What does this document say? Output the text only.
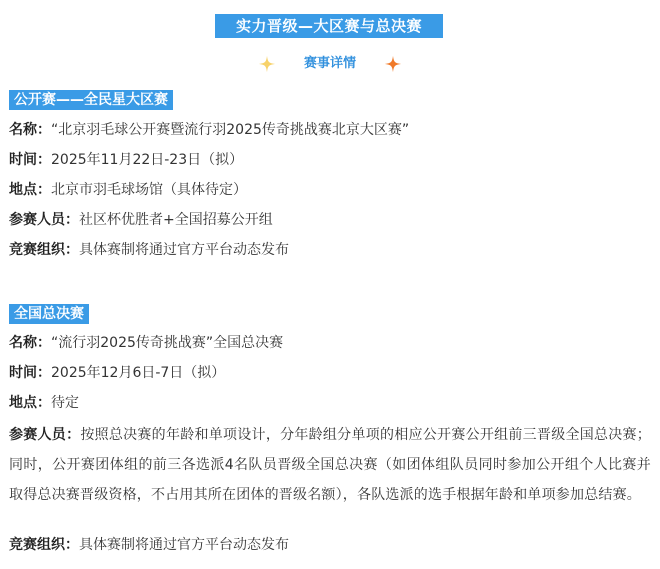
实力晋级—大区赛与总决赛
赛事详情
公开赛——全民星大区赛
名称：“北京羽毛球公开赛暨流行羽2025传奇挑战赛北京大区赛”
时间：2025年11月22日-23日（拟）
地点：北京市羽毛球场馆（具体待定）
参赛人员：社区杯优胜者+全国招募公开组
竞赛组织：具体赛制将通过官方平台动态发布
全国总决赛
名称：“流行羽2025传奇挑战赛”全国总决赛
时间：2025年12月6日-7日（拟）
地点：待定
参赛人员：按照总决赛的年龄和单项设计，分年龄组分单项的相应公开赛公开组前三晋级全国总决赛；同时，公开赛团体组的前三各选派4名队员晋级全国总决赛（如团体组队员同时参加公开组个人比赛并取得总决赛晋级资格，不占用其所在团体的晋级名额），各队选派的选手根据年龄和单项参加总结赛。
竞赛组织：具体赛制将通过官方平台动态发布
